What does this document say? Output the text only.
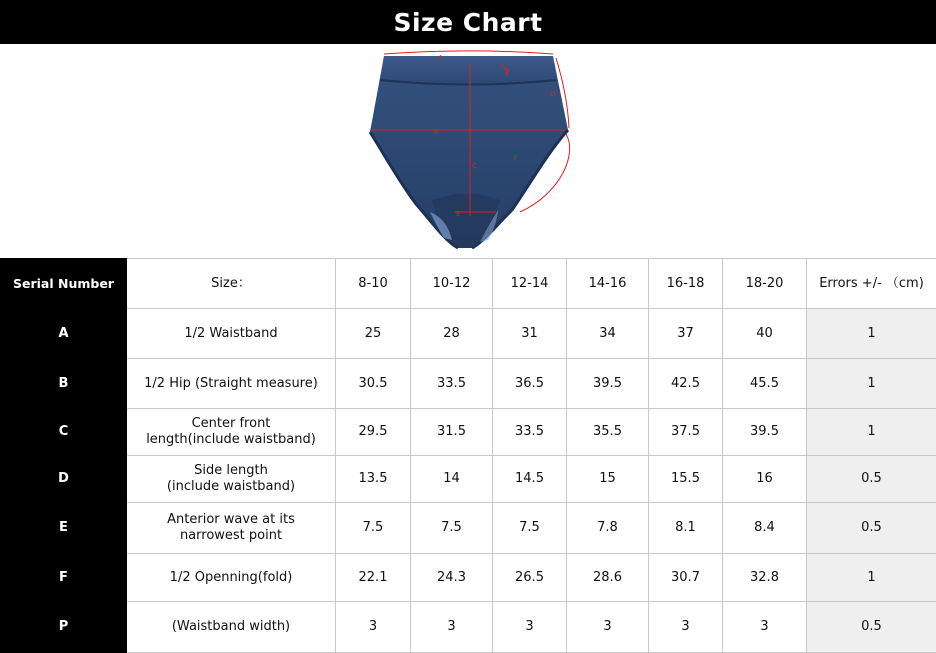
Size Chart
A
B
C
D
E
F
P
Serial Number	Size：	8-10	10-12	12-14	14-16	16-18	18-20	Errors +/- （cm)
A	1/2 Waistband	25	28	31	34	37	40	1
B	1/2 Hip (Straight measure)	30.5	33.5	36.5	39.5	42.5	45.5	1
C	Center front
length(include waistband)	29.5	31.5	33.5	35.5	37.5	39.5	1
D	Side length
(include waistband)	13.5	14	14.5	15	15.5	16	0.5
E	Anterior wave at its
narrowest point	7.5	7.5	7.5	7.8	8.1	8.4	0.5
F	1/2 Openning(fold)	22.1	24.3	26.5	28.6	30.7	32.8	1
P	(Waistband width)	3	3	3	3	3	3	0.5
